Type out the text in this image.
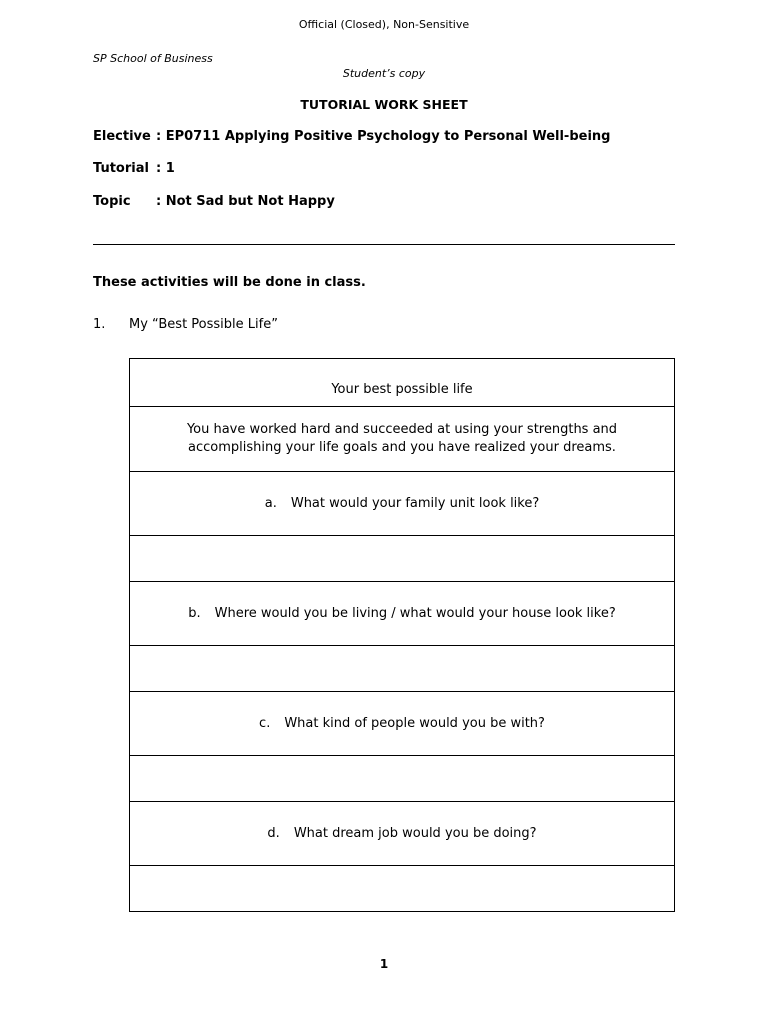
Official (Closed), Non-Sensitive
SP School of Business
Student’s copy
TUTORIAL WORK SHEET
Elective : EP0711 Applying Positive Psychology to Personal Well-being
Tutorial : 1
Topic : Not Sad but Not Happy
These activities will be done in class.
1. My “Best Possible Life”
Your best possible life
You have worked hard and succeeded at using your strengths and accomplishing your life goals and you have realized your dreams.
a. What would your family unit look like?

b. Where would you be living / what would your house look like?

c. What kind of people would you be with?

d. What dream job would you be doing?

1
